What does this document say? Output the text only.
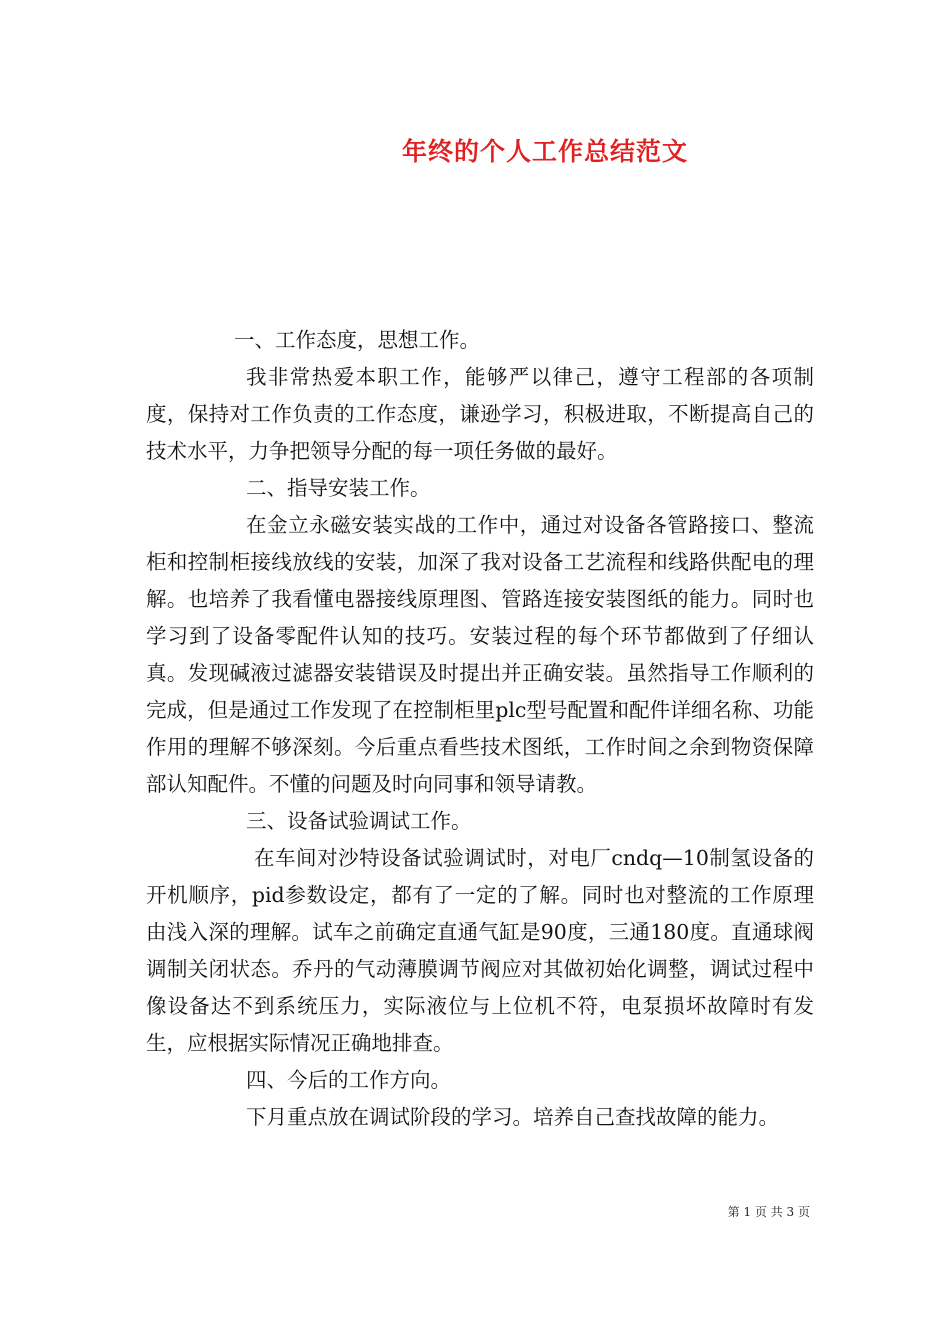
年终的个人工作总结范文

一、工作态度，思想工作。

我非常热爱本职工作，能够严以律己，遵守工程部的各项制度，保持对工作负责的工作态度，谦逊学习，积极进取，不断提高自己的技术水平，力争把领导分配的每一项任务做的最好。

二、指导安装工作。

在金立永磁安装实战的工作中，通过对设备各管路接口、整流柜和控制柜接线放线的安装，加深了我对设备工艺流程和线路供配电的理解。也培养了我看懂电器接线原理图、管路连接安装图纸的能力。同时也学习到了设备零配件认知的技巧。安装过程的每个环节都做到了仔细认真。发现碱液过滤器安装错误及时提出并正确安装。虽然指导工作顺利的完成，但是通过工作发现了在控制柜里plc型号配置和配件详细名称、功能作用的理解不够深刻。今后重点看些技术图纸，工作时间之余到物资保障部认知配件。不懂的问题及时向同事和领导请教。

三、设备试验调试工作。

在车间对沙特设备试验调试时，对电厂cndq—10制氢设备的开机顺序，pid参数设定，都有了一定的了解。同时也对整流的工作原理由浅入深的理解。试车之前确定直通气缸是90度，三通180度。直通球阀调制关闭状态。乔丹的气动薄膜调节阀应对其做初始化调整，调试过程中像设备达不到系统压力，实际液位与上位机不符，电泵损坏故障时有发生，应根据实际情况正确地排查。

四、今后的工作方向。

下月重点放在调试阶段的学习。培养自己查找故障的能力。

第 1 页 共 3 页
